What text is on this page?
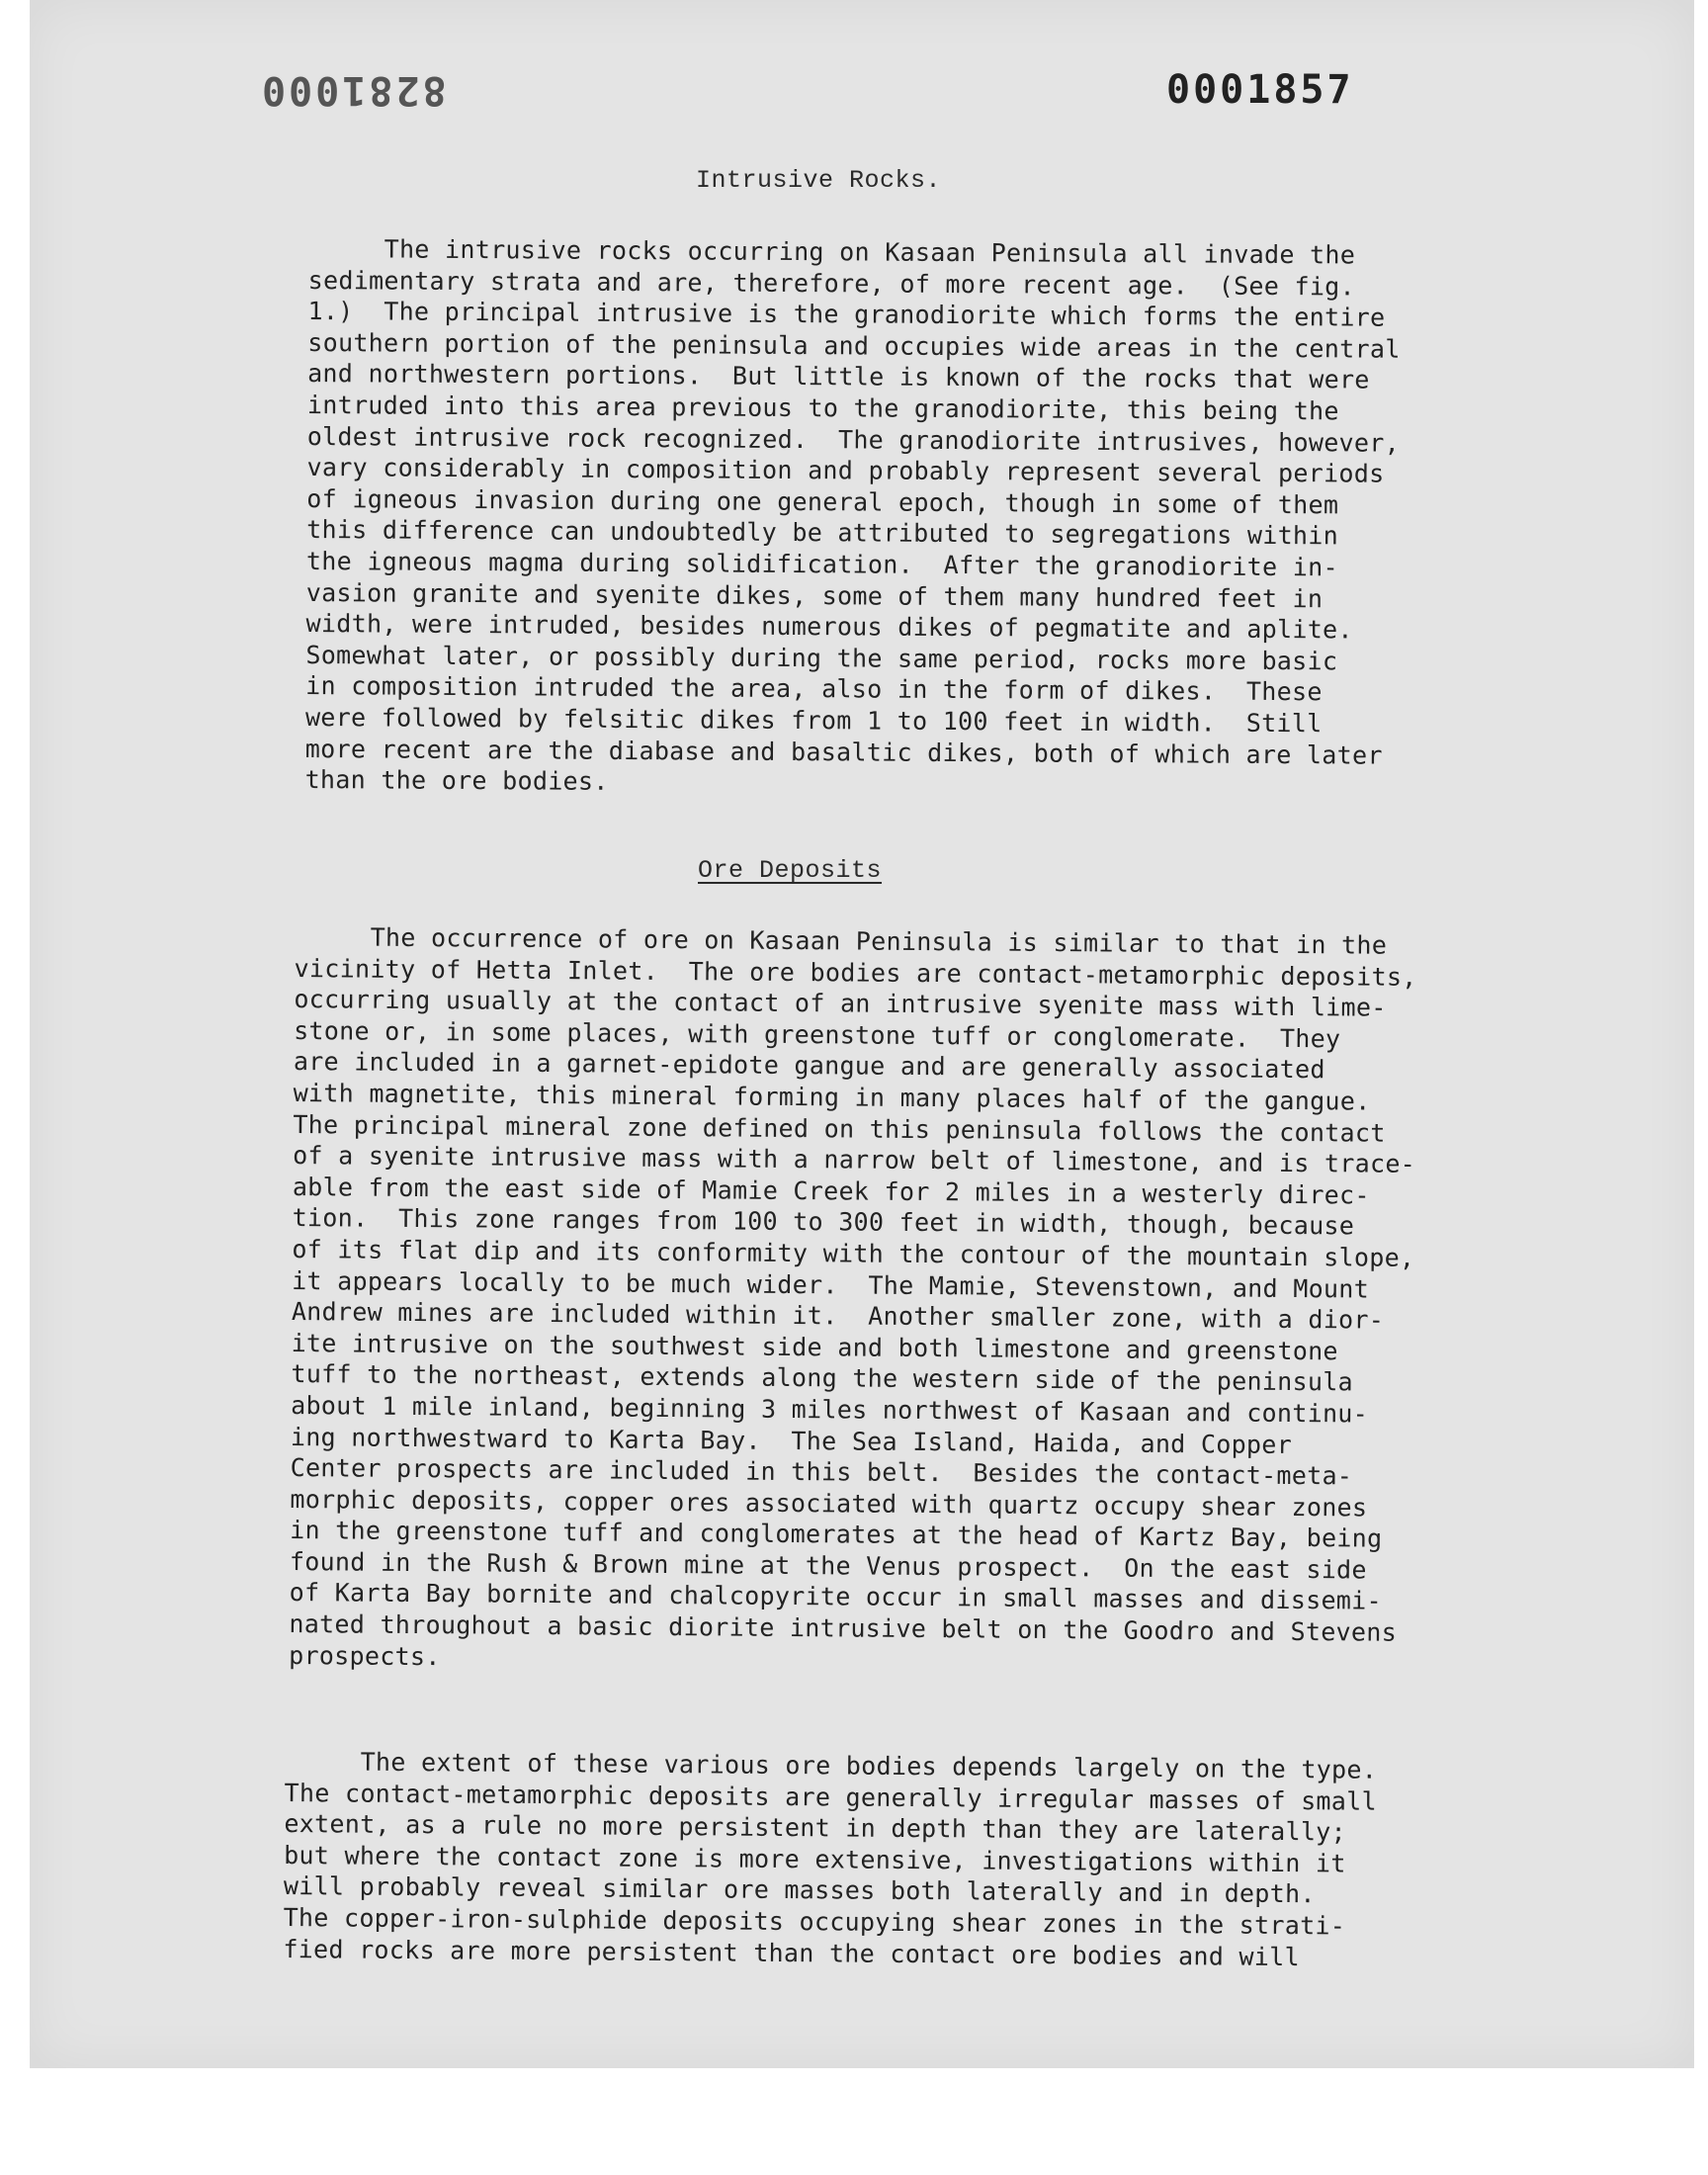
8281000	0001857
Intrusive Rocks.
The intrusive rocks occurring on Kasaan Peninsula all invade the
sedimentary strata and are, therefore, of more recent age.  (See fig.
1.)  The principal intrusive is the granodiorite which forms the entire
southern portion of the peninsula and occupies wide areas in the central
and northwestern portions.  But little is known of the rocks that were
intruded into this area previous to the granodiorite, this being the
oldest intrusive rock recognized.  The granodiorite intrusives, however,
vary considerably in composition and probably represent several periods
of igneous invasion during one general epoch, though in some of them
this difference can undoubtedly be attributed to segregations within
the igneous magma during solidification.  After the granodiorite in-
vasion granite and syenite dikes, some of them many hundred feet in
width, were intruded, besides numerous dikes of pegmatite and aplite.
Somewhat later, or possibly during the same period, rocks more basic
in composition intruded the area, also in the form of dikes.  These
were followed by felsitic dikes from 1 to 100 feet in width.  Still
more recent are the diabase and basaltic dikes, both of which are later
than the ore bodies.
Ore Deposits
The occurrence of ore on Kasaan Peninsula is similar to that in the
vicinity of Hetta Inlet.  The ore bodies are contact-metamorphic deposits,
occurring usually at the contact of an intrusive syenite mass with lime-
stone or, in some places, with greenstone tuff or conglomerate.  They
are included in a garnet-epidote gangue and are generally associated
with magnetite, this mineral forming in many places half of the gangue.
The principal mineral zone defined on this peninsula follows the contact
of a syenite intrusive mass with a narrow belt of limestone, and is trace-
able from the east side of Mamie Creek for 2 miles in a westerly direc-
tion.  This zone ranges from 100 to 300 feet in width, though, because
of its flat dip and its conformity with the contour of the mountain slope,
it appears locally to be much wider.  The Mamie, Stevenstown, and Mount
Andrew mines are included within it.  Another smaller zone, with a dior-
ite intrusive on the southwest side and both limestone and greenstone
tuff to the northeast, extends along the western side of the peninsula
about 1 mile inland, beginning 3 miles northwest of Kasaan and continu-
ing northwestward to Karta Bay.  The Sea Island, Haida, and Copper
Center prospects are included in this belt.  Besides the contact-meta-
morphic deposits, copper ores associated with quartz occupy shear zones
in the greenstone tuff and conglomerates at the head of Kartz Bay, being
found in the Rush & Brown mine at the Venus prospect.  On the east side
of Karta Bay bornite and chalcopyrite occur in small masses and dissemi-
nated throughout a basic diorite intrusive belt on the Goodro and Stevens
prospects.
The extent of these various ore bodies depends largely on the type.
The contact-metamorphic deposits are generally irregular masses of small
extent, as a rule no more persistent in depth than they are laterally;
but where the contact zone is more extensive, investigations within it
will probably reveal similar ore masses both laterally and in depth.
The copper-iron-sulphide deposits occupying shear zones in the strati-
fied rocks are more persistent than the contact ore bodies and will
